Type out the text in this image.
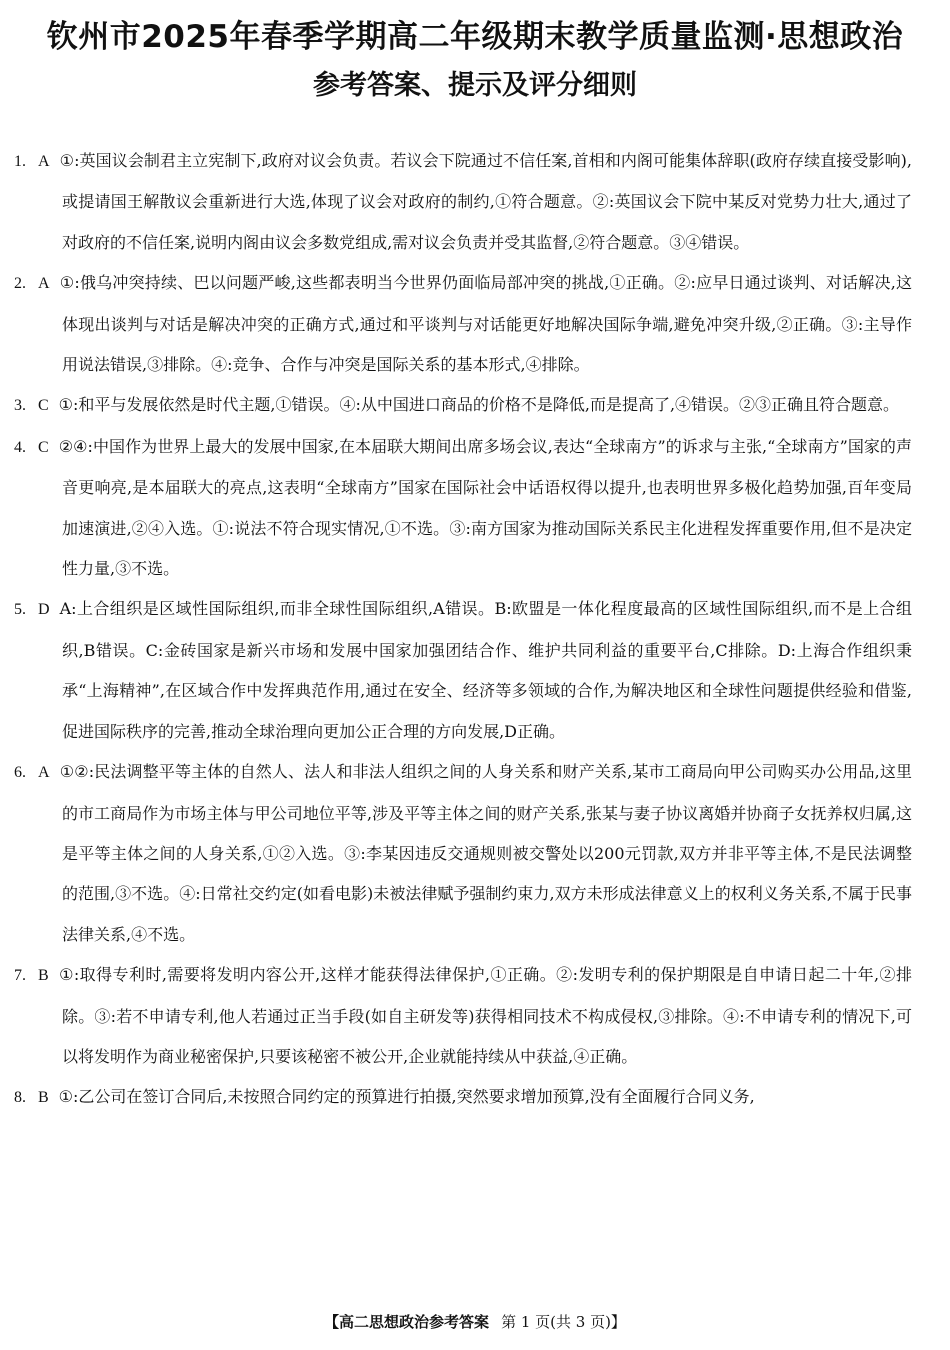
钦州市2025年春季学期高二年级期末教学质量监测·思想政治
参考答案、提示及评分细则

1. A ①:英国议会制君主立宪制下,政府对议会负责。若议会下院通过不信任案,首相和内阁可能集体辞职(政府存续直接受影响),或提请国王解散议会重新进行大选,体现了议会对政府的制约,①符合题意。②:英国议会下院中某反对党势力壮大,通过了对政府的不信任案,说明内阁由议会多数党组成,需对议会负责并受其监督,②符合题意。③④错误。

2. A ①:俄乌冲突持续、巴以问题严峻,这些都表明当今世界仍面临局部冲突的挑战,①正确。②:应早日通过谈判、对话解决,这体现出谈判与对话是解决冲突的正确方式,通过和平谈判与对话能更好地解决国际争端,避免冲突升级,②正确。③:主导作用说法错误,③排除。④:竞争、合作与冲突是国际关系的基本形式,④排除。

3. C ①:和平与发展依然是时代主题,①错误。④:从中国进口商品的价格不是降低,而是提高了,④错误。②③正确且符合题意。

4. C ②④:中国作为世界上最大的发展中国家,在本届联大期间出席多场会议,表达“全球南方”的诉求与主张,“全球南方”国家的声音更响亮,是本届联大的亮点,这表明“全球南方”国家在国际社会中话语权得以提升,也表明世界多极化趋势加强,百年变局加速演进,②④入选。①:说法不符合现实情况,①不选。③:南方国家为推动国际关系民主化进程发挥重要作用,但不是决定性力量,③不选。

5. D A:上合组织是区域性国际组织,而非全球性国际组织,A错误。B:欧盟是一体化程度最高的区域性国际组织,而不是上合组织,B错误。C:金砖国家是新兴市场和发展中国家加强团结合作、维护共同利益的重要平台,C排除。D:上海合作组织秉承“上海精神”,在区域合作中发挥典范作用,通过在安全、经济等多领域的合作,为解决地区和全球性问题提供经验和借鉴,促进国际秩序的完善,推动全球治理向更加公正合理的方向发展,D正确。

6. A ①②:民法调整平等主体的自然人、法人和非法人组织之间的人身关系和财产关系,某市工商局向甲公司购买办公用品,这里的市工商局作为市场主体与甲公司地位平等,涉及平等主体之间的财产关系,张某与妻子协议离婚并协商子女抚养权归属,这是平等主体之间的人身关系,①②入选。③:李某因违反交通规则被交警处以200元罚款,双方并非平等主体,不是民法调整的范围,③不选。④:日常社交约定(如看电影)未被法律赋予强制约束力,双方未形成法律意义上的权利义务关系,不属于民事法律关系,④不选。

7. B ①:取得专利时,需要将发明内容公开,这样才能获得法律保护,①正确。②:发明专利的保护期限是自申请日起二十年,②排除。③:若不申请专利,他人若通过正当手段(如自主研发等)获得相同技术不构成侵权,③排除。④:不申请专利的情况下,可以将发明作为商业秘密保护,只要该秘密不被公开,企业就能持续从中获益,④正确。

8. B ①:乙公司在签订合同后,未按照合同约定的预算进行拍摄,突然要求增加预算,没有全面履行合同义务,

【高二思想政治参考答案 第 1 页(共 3 页)】
